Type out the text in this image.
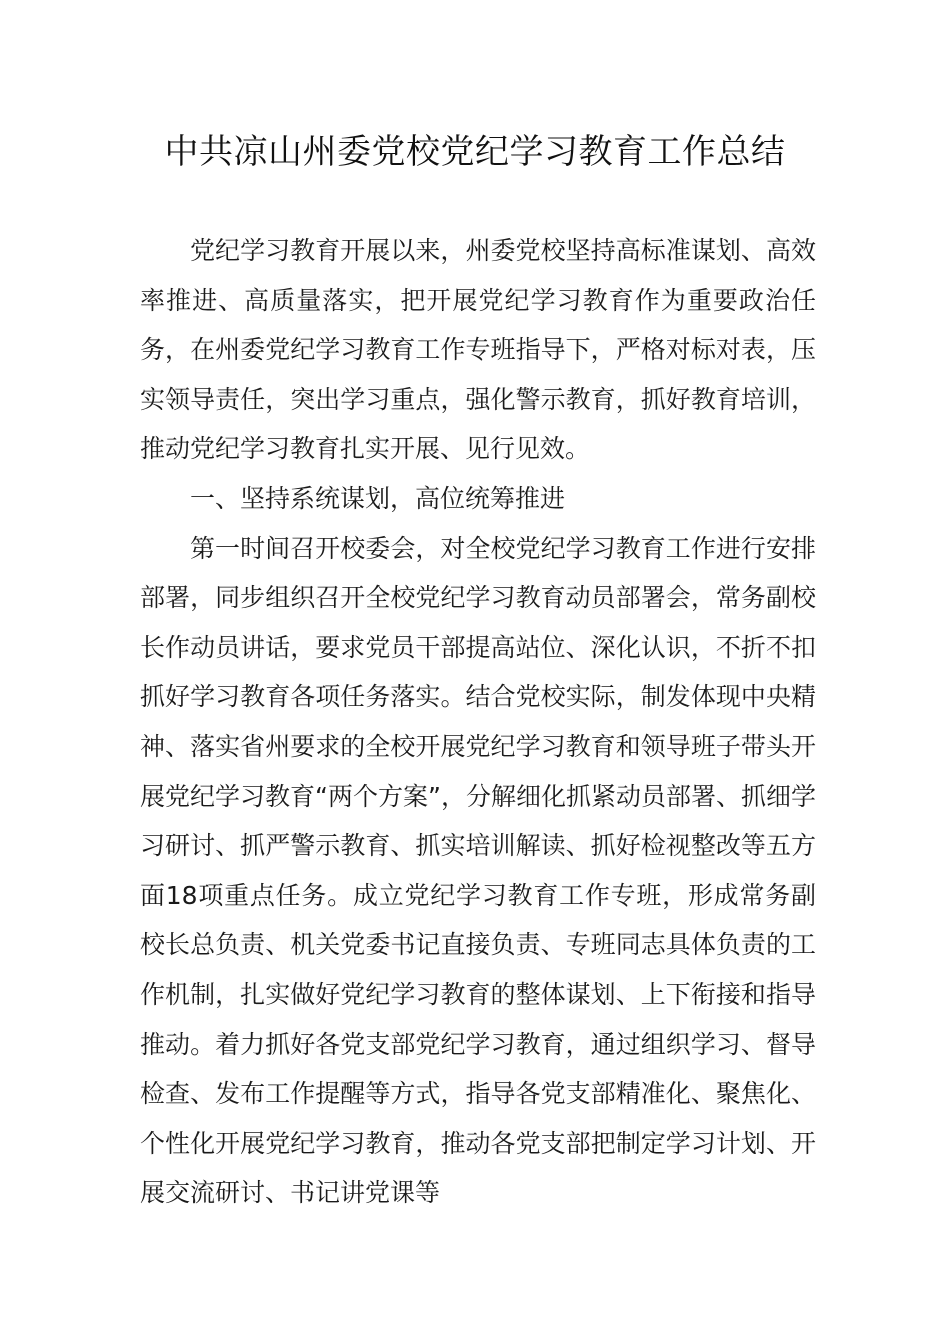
中共凉山州委党校党纪学习教育工作总结

党纪学习教育开展以来，州委党校坚持高标准谋划、高效率推进、高质量落实，把开展党纪学习教育作为重要政治任务，在州委党纪学习教育工作专班指导下，严格对标对表，压实领导责任，突出学习重点，强化警示教育，抓好教育培训，推动党纪学习教育扎实开展、见行见效。

一、坚持系统谋划，高位统筹推进

第一时间召开校委会，对全校党纪学习教育工作进行安排部署，同步组织召开全校党纪学习教育动员部署会，常务副校长作动员讲话，要求党员干部提高站位、深化认识，不折不扣抓好学习教育各项任务落实。结合党校实际，制发体现中央精神、落实省州要求的全校开展党纪学习教育和领导班子带头开展党纪学习教育“两个方案”，分解细化抓紧动员部署、抓细学习研讨、抓严警示教育、抓实培训解读、抓好检视整改等五方面18项重点任务。成立党纪学习教育工作专班，形成常务副校长总负责、机关党委书记直接负责、专班同志具体负责的工作机制，扎实做好党纪学习教育的整体谋划、上下衔接和指导推动。着力抓好各党支部党纪学习教育，通过组织学习、督导检查、发布工作提醒等方式，指导各党支部精准化、聚焦化、个性化开展党纪学习教育，推动各党支部把制定学习计划、开展交流研讨、书记讲党课等
